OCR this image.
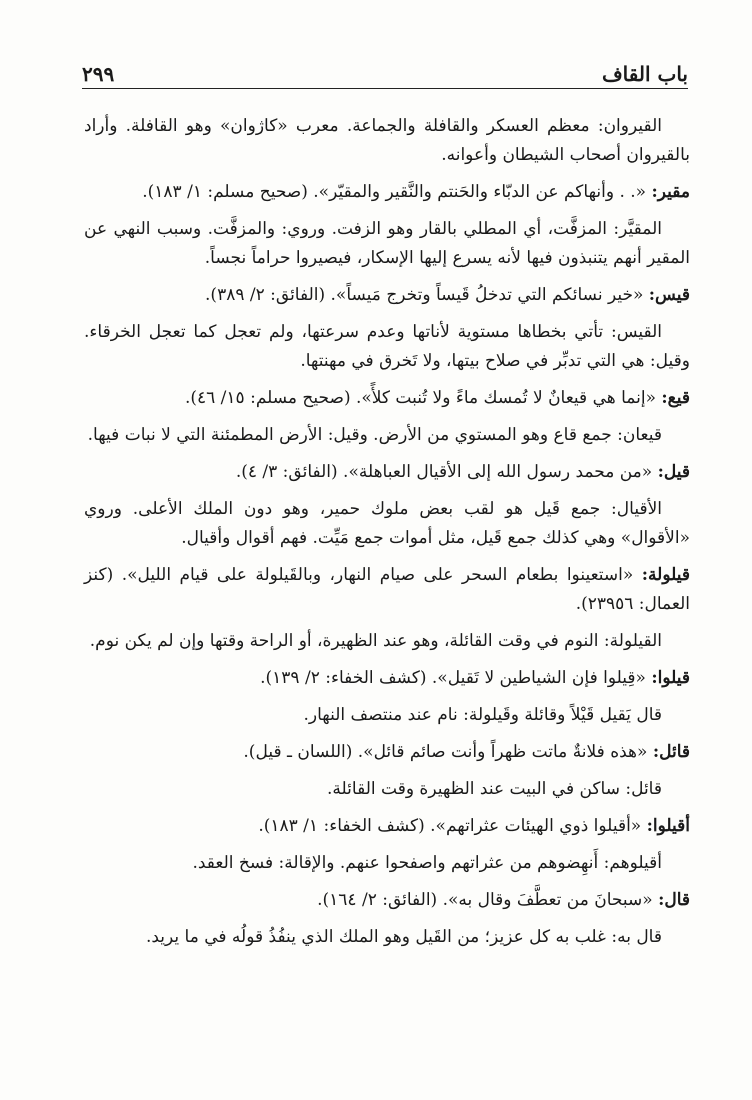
باب القاف
٢٩٩

القيروان: معظم العسكر والقافلة والجماعة. معرب «كاژوان» وهو القافلة. وأراد بالقيروان أصحاب الشيطان وأعوانه.

مقير: «. . وأنهاكم عن الدبّاء والحَنتم والنَّقير والمقيّر». (صحيح مسلم: ١/ ١٨٣).

المقيَّر: المزفَّت، أي المطلي بالقار وهو الزفت. وروي: والمزفَّت. وسبب النهي عن المقير أنهم يتنبذون فيها لأنه يسرع إليها الإسكار، فيصيروا حراماً نجساً.

قيس: «خير نسائكم التي تدخلُ قَيساً وتخرج مَيساً». (الفائق: ٢/ ٣٨٩).

القيس: تأتي بخطاها مستوية لأناتها وعدم سرعتها، ولم تعجل كما تعجل الخرقاء. وقيل: هي التي تدبِّر في صلاح بيتها، ولا تَخرق في مهنتها.

قيع: «إنما هي قيعانٌ لا تُمسك ماءً ولا تُنبت كلأً». (صحيح مسلم: ١٥/ ٤٦).

قيعان: جمع قاع وهو المستوي من الأرض. وقيل: الأرض المطمئنة التي لا نبات فيها.

قيل: «من محمد رسول الله إلى الأقيال العباهلة». (الفائق: ٣/ ٤).

الأقيال: جمع قَيل هو لقب بعض ملوك حمير، وهو دون الملك الأعلى. وروي «الأقوال» وهي كذلك جمع قَيل، مثل أموات جمع مَيِّت. فهم أقوال وأقيال.

قيلولة: «استعينوا بطعام السحر على صيام النهار، وبالقَيلولة على قيام الليل». (كنز العمال: ٢٣٩٥٦).

القيلولة: النوم في وقت القائلة، وهو عند الظهيرة، أو الراحة وقتها وإن لم يكن نوم.

قيلوا: «قِيلوا فإن الشياطين لا تَقيل». (كشف الخفاء: ٢/ ١٣٩).

قال يَقيل قَيْلاً وقائلة وقَيلولة: نام عند منتصف النهار.

قائل: «هذه فلانةٌ ماتت ظهراً وأنت صائم قائل». (اللسان ـ قيل).

قائل: ساكن في البيت عند الظهيرة وقت القائلة.

أقيلوا: «أقيلوا ذوي الهيئات عثراتهم». (كشف الخفاء: ١/ ١٨٣).

أقيلوهم: أَنهِضوهم من عثراتهم واصفحوا عنهم. والإقالة: فسخ العقد.

قال: «سبحانَ من تعطَّفَ وقال به». (الفائق: ٢/ ١٦٤).

قال به: غلب به كل عزيز؛ من القَيل وهو الملك الذي ينفُذُ قولُه في ما يريد.
